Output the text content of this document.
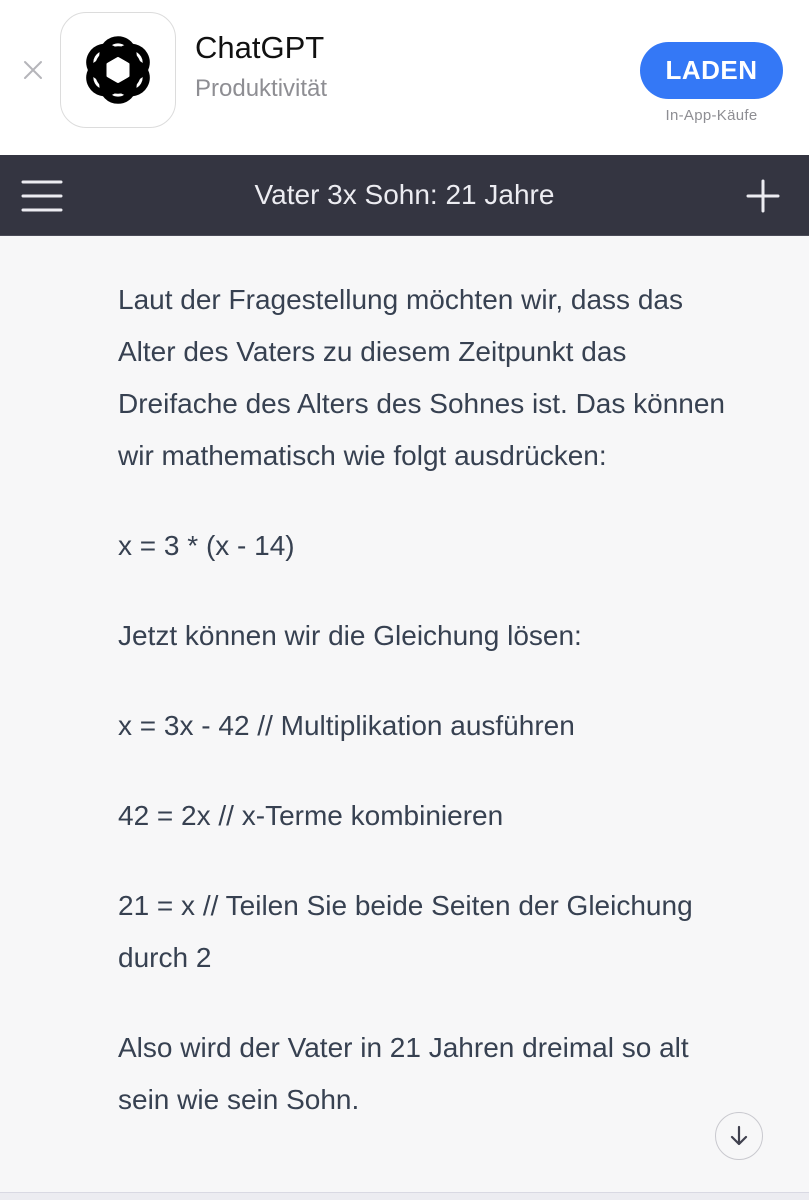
ChatGPT
Produktivität
LADEN
In-App-Käufe
Vater 3x Sohn: 21 Jahre

Laut der Fragestellung möchten wir, dass das
Alter des Vaters zu diesem Zeitpunkt das
Dreifache des Alters des Sohnes ist. Das können
wir mathematisch wie folgt ausdrücken:

x = 3 * (x - 14)

Jetzt können wir die Gleichung lösen:

x = 3x - 42 // Multiplikation ausführen

42 = 2x // x-Terme kombinieren

21 = x // Teilen Sie beide Seiten der Gleichung
durch 2

Also wird der Vater in 21 Jahren dreimal so alt
sein wie sein Sohn.
